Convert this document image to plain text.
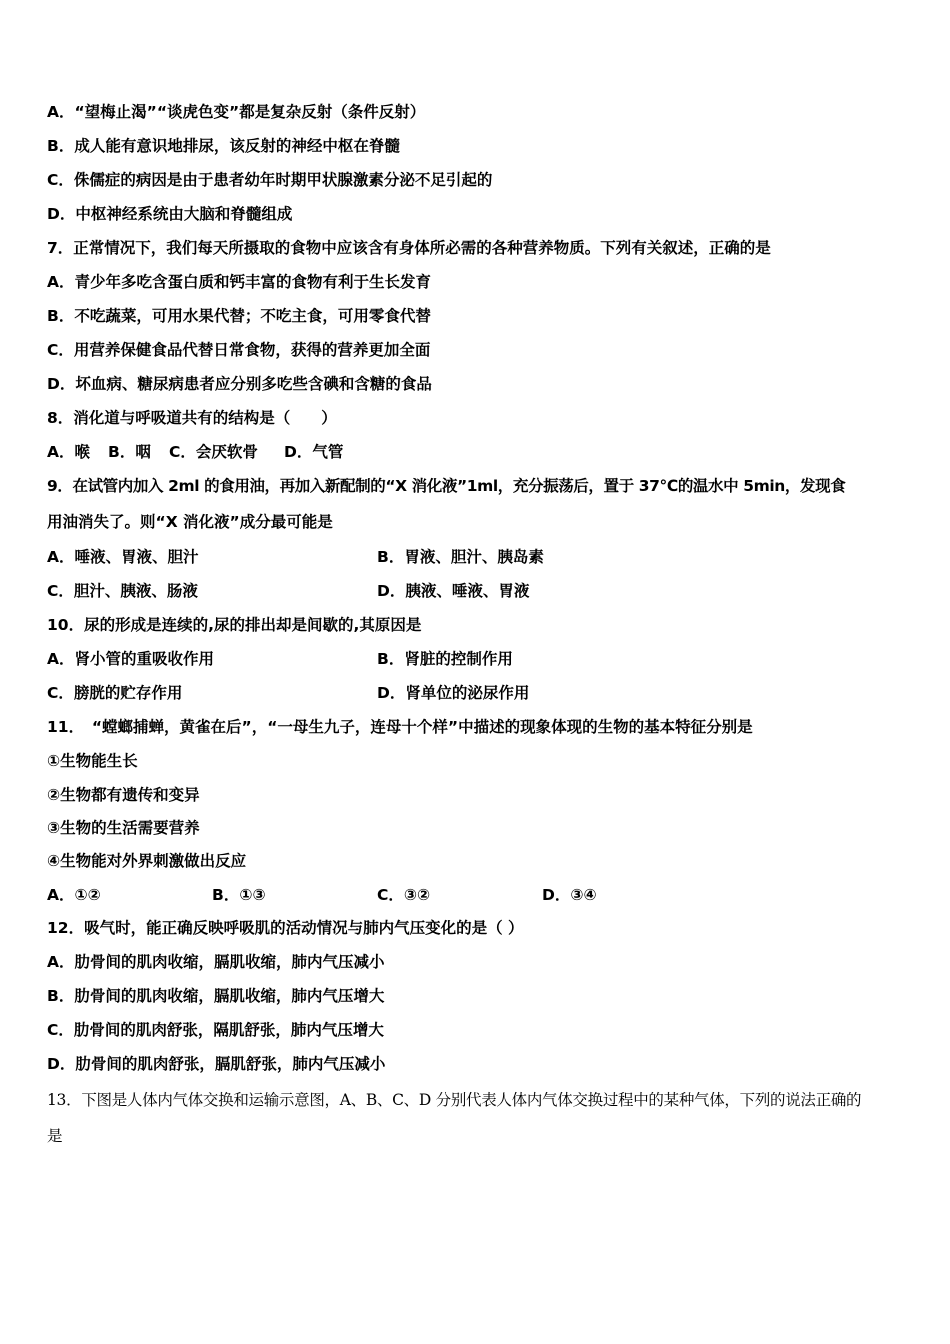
A．“望梅止渴”“谈虎色变”都是复杂反射（条件反射）
B．成人能有意识地排尿，该反射的神经中枢在脊髓
C．侏儒症的病因是由于患者幼年时期甲状腺激素分泌不足引起的
D．中枢神经系统由大脑和脊髓组成
7．正常情况下，我们每天所摄取的食物中应该含有身体所必需的各种营养物质。下列有关叙述，正确的是
A．青少年多吃含蛋白质和钙丰富的食物有利于生长发育
B．不吃蔬菜，可用水果代替；不吃主食，可用零食代替
C．用营养保健食品代替日常食物，获得的营养更加全面
D．坏血病、糖尿病患者应分别多吃些含碘和含糖的食品
8．消化道与呼吸道共有的结构是（　　）
A．喉 B．咽 C．会厌软骨 D．气管
9．在试管内加入 2ml 的食用油，再加入新配制的“X 消化液”1ml，充分振荡后，置于 37℃的温水中 5min，发现食
用油消失了。则“X 消化液”成分最可能是
A．唾液、胃液、胆汁	B．胃液、胆汁、胰岛素
C．胆汁、胰液、肠液	D．胰液、唾液、胃液
10．尿的形成是连续的,尿的排出却是间歇的,其原因是
A．肾小管的重吸收作用	B．肾脏的控制作用
C．膀胱的贮存作用	D．肾单位的泌尿作用
11．　“螳螂捕蝉，黄雀在后”，“一母生九子，连母十个样”中描述的现象体现的生物的基本特征分别是
①生物能生长
②生物都有遗传和变异
③生物的生活需要营养
④生物能对外界刺激做出反应
A．①②	B．①③	C．③②	D．③④
12．吸气时，能正确反映呼吸肌的活动情况与肺内气压变化的是（ ）
A．肋骨间的肌肉收缩，膈肌收缩，肺内气压减小
B．肋骨间的肌肉收缩，膈肌收缩，肺内气压增大
C．肋骨间的肌肉舒张，隔肌舒张，肺内气压增大
D．肋骨间的肌肉舒张，膈肌舒张，肺内气压减小
13．下图是人体内气体交换和运输示意图，A、B、C、D 分别代表人体内气体交换过程中的某种气体，下列的说法正确的
是
